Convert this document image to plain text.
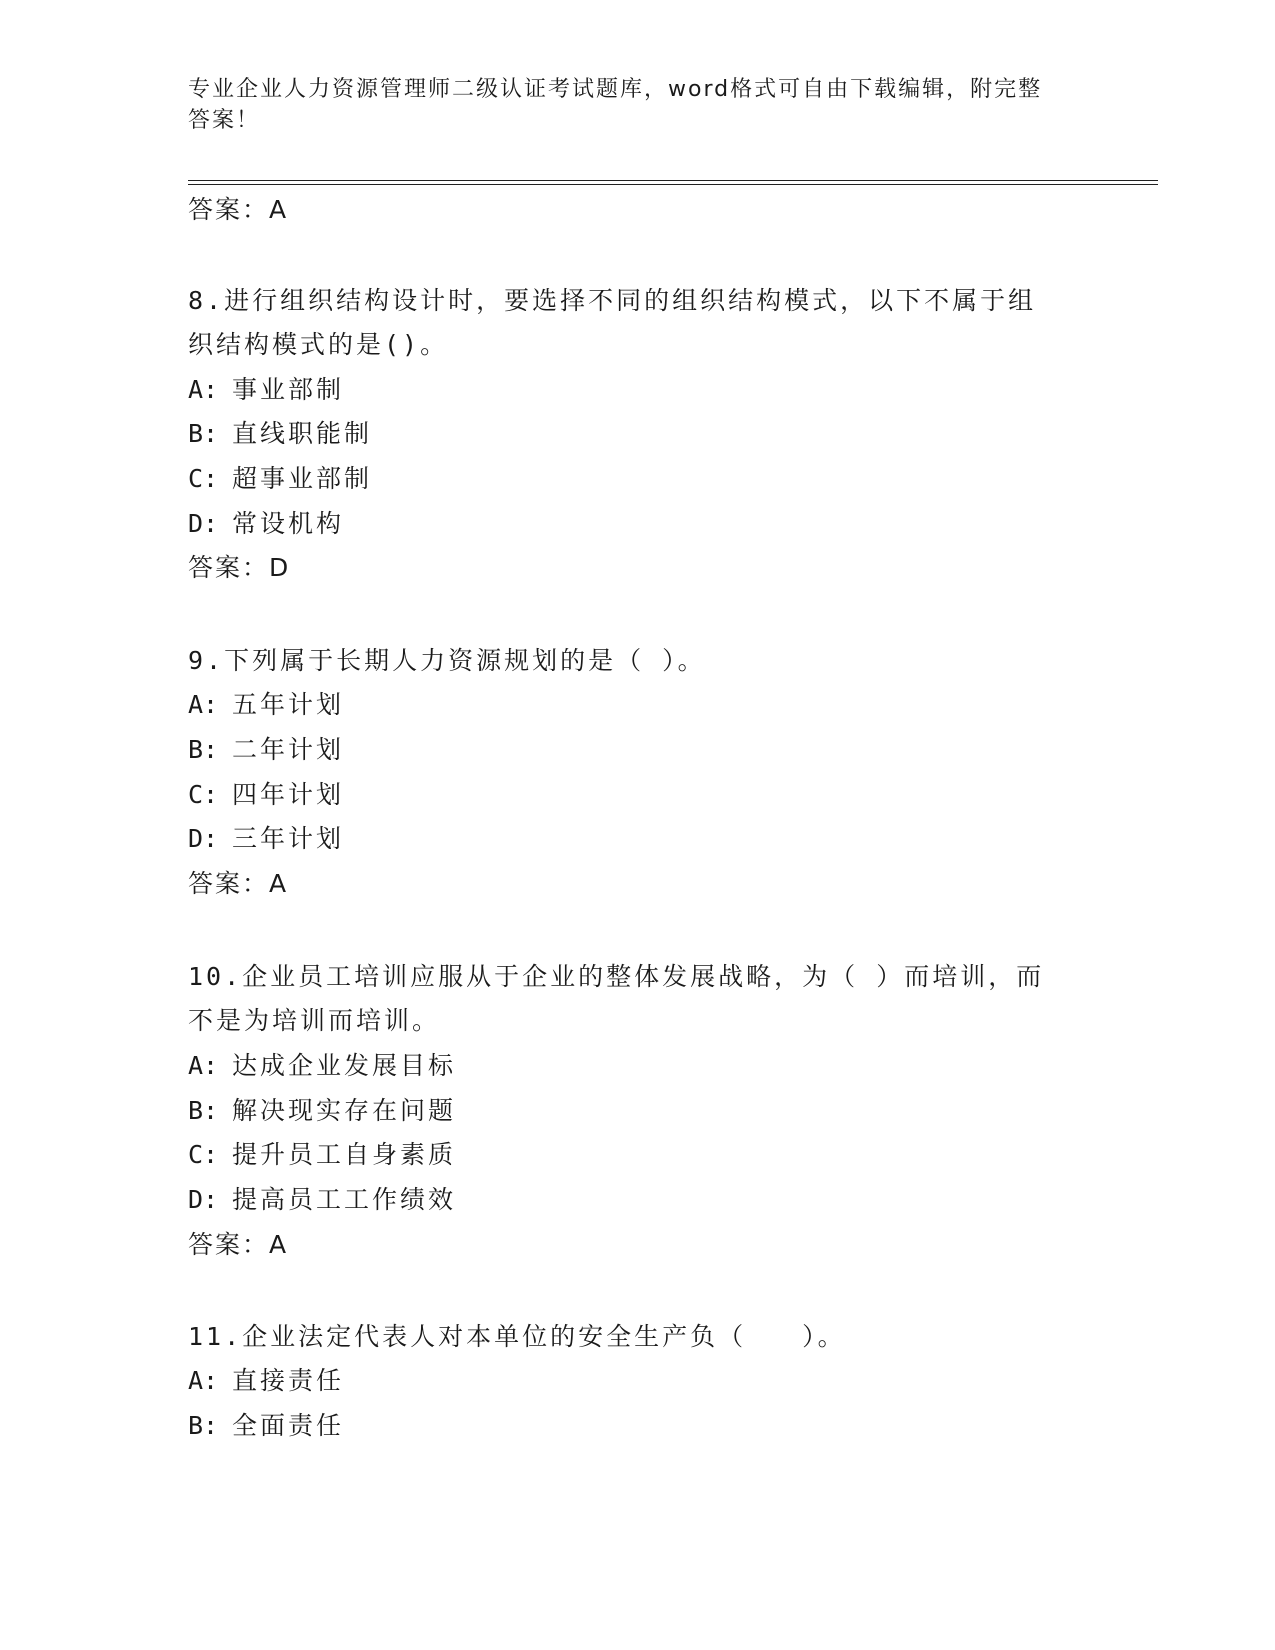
专业企业人力资源管理师二级认证考试题库，word格式可自由下载编辑，附完整
答案！
答案：A
8.进行组织结构设计时，要选择不同的组织结构模式，以下不属于组
织结构模式的是()。
A: 事业部制
B: 直线职能制
C: 超事业部制
D: 常设机构
答案：D
9.下列属于长期人力资源规划的是（ ）。
A: 五年计划
B: 二年计划
C: 四年计划
D: 三年计划
答案：A
10.企业员工培训应服从于企业的整体发展战略，为（ ）而培训，而
不是为培训而培训。
A: 达成企业发展目标
B: 解决现实存在问题
C: 提升员工自身素质
D: 提高员工工作绩效
答案：A
11.企业法定代表人对本单位的安全生产负（　　）。
A: 直接责任
B: 全面责任
